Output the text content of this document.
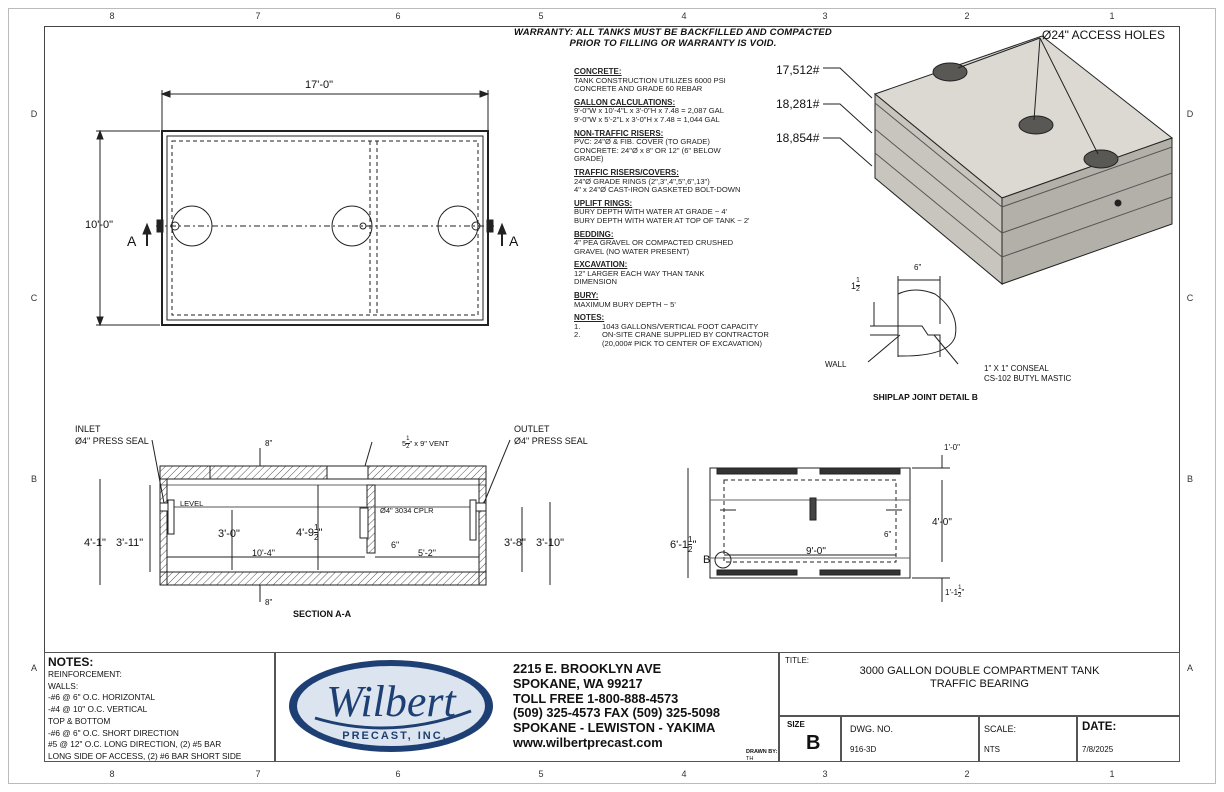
8
8
7
7
6
6
5
5
4
4
3
3
2
2
1
1
D	D
C	C
B	B
A	A
WARRANTY: ALL TANKS MUST BE BACKFILLED AND COMPACTED
PRIOR TO FILLING OR WARRANTY IS VOID.
CONCRETE:
TANK CONSTRUCTION UTILIZES 6000 PSI
CONCRETE AND GRADE 60 REBAR
GALLON CALCULATIONS:
9'-0"W x 10'-4"L x 3'-0"H x 7.48 = 2,087 GAL
9'-0"W x 5'-2"L x 3'-0"H x 7.48 = 1,044 GAL
NON-TRAFFIC RISERS:
PVC: 24"Ø & FIB. COVER (TO GRADE)
CONCRETE: 24"Ø x 8" OR 12" (6" BELOW
GRADE)
TRAFFIC RISERS/COVERS:
24"Ø GRADE RINGS (2",3",4",5",6",13")
4" x 24"Ø CAST-IRON GASKETED BOLT-DOWN
UPLIFT RINGS:
BURY DEPTH WITH WATER AT GRADE ~ 4'
BURY DEPTH WITH WATER AT TOP OF TANK ~ 2'
BEDDING:
4" PEA GRAVEL OR COMPACTED CRUSHED
GRAVEL (NO WATER PRESENT)
EXCAVATION:
12" LARGER EACH WAY THAN TANK
DIMENSION
BURY:
MAXIMUM BURY DEPTH ~ 5'
NOTES:
1.	1043 GALLONS/VERTICAL FOOT CAPACITY
2.	ON-SITE CRANE SUPPLIED BY CONTRACTOR
(20,000# PICK TO CENTER OF EXCAVATION)
17'-0"
10'-0"
A	A
Ø24" ACCESS HOLES
17,512#
18,281#
18,854#
6"
$1 \frac{1}{2}$
WALL	1" X 1" CONSEAL
CS-102 BUTYL MASTIC
SHIPLAP JOINT DETAIL B
INLET
Ø4" PRESS SEAL
OUTLET
Ø4" PRESS SEAL
8"
8"
$5 \frac{1}{2}$ " x 9" VENT
LEVEL
Ø4" 3034 CPLR
4'-1" 3'-11"
3'-0"	$4'-9 \frac{1}{2}$ "
10'-4"
6"
5'-2"
3'-8" 3'-10"
SECTION A-A
1'-0"
$6'-1 \frac{1}{2}$ "
4'-0"
6"
9'-0"
$1'-1 \frac{1}{2}$ "
B
NOTES:
REINFORCEMENT:
WALLS:
-#6 @ 6" O.C. HORIZONTAL
-#4 @ 10" O.C. VERTICAL
TOP & BOTTOM
-#6 @ 6" O.C. SHORT DIRECTION
#5 @ 12" O.C. LONG DIRECTION, (2) #5 BAR
LONG SIDE OF ACCESS, (2) #6 BAR SHORT SIDE
Wilbert
PRECAST, INC.
2215 E. BROOKLYN AVE
SPOKANE, WA 99217
TOLL FREE 1-800-888-4573
(509) 325-4573 FAX (509) 325-5098
SPOKANE - LEWISTON - YAKIMA
www.wilbertprecast.com
DRAWN BY:
TH
TITLE:
3000 GALLON DOUBLE COMPARTMENT TANK
TRAFFIC BEARING
SIZE
B
DWG. NO.
916-3D
SCALE:
NTS
DATE:
7/8/2025
